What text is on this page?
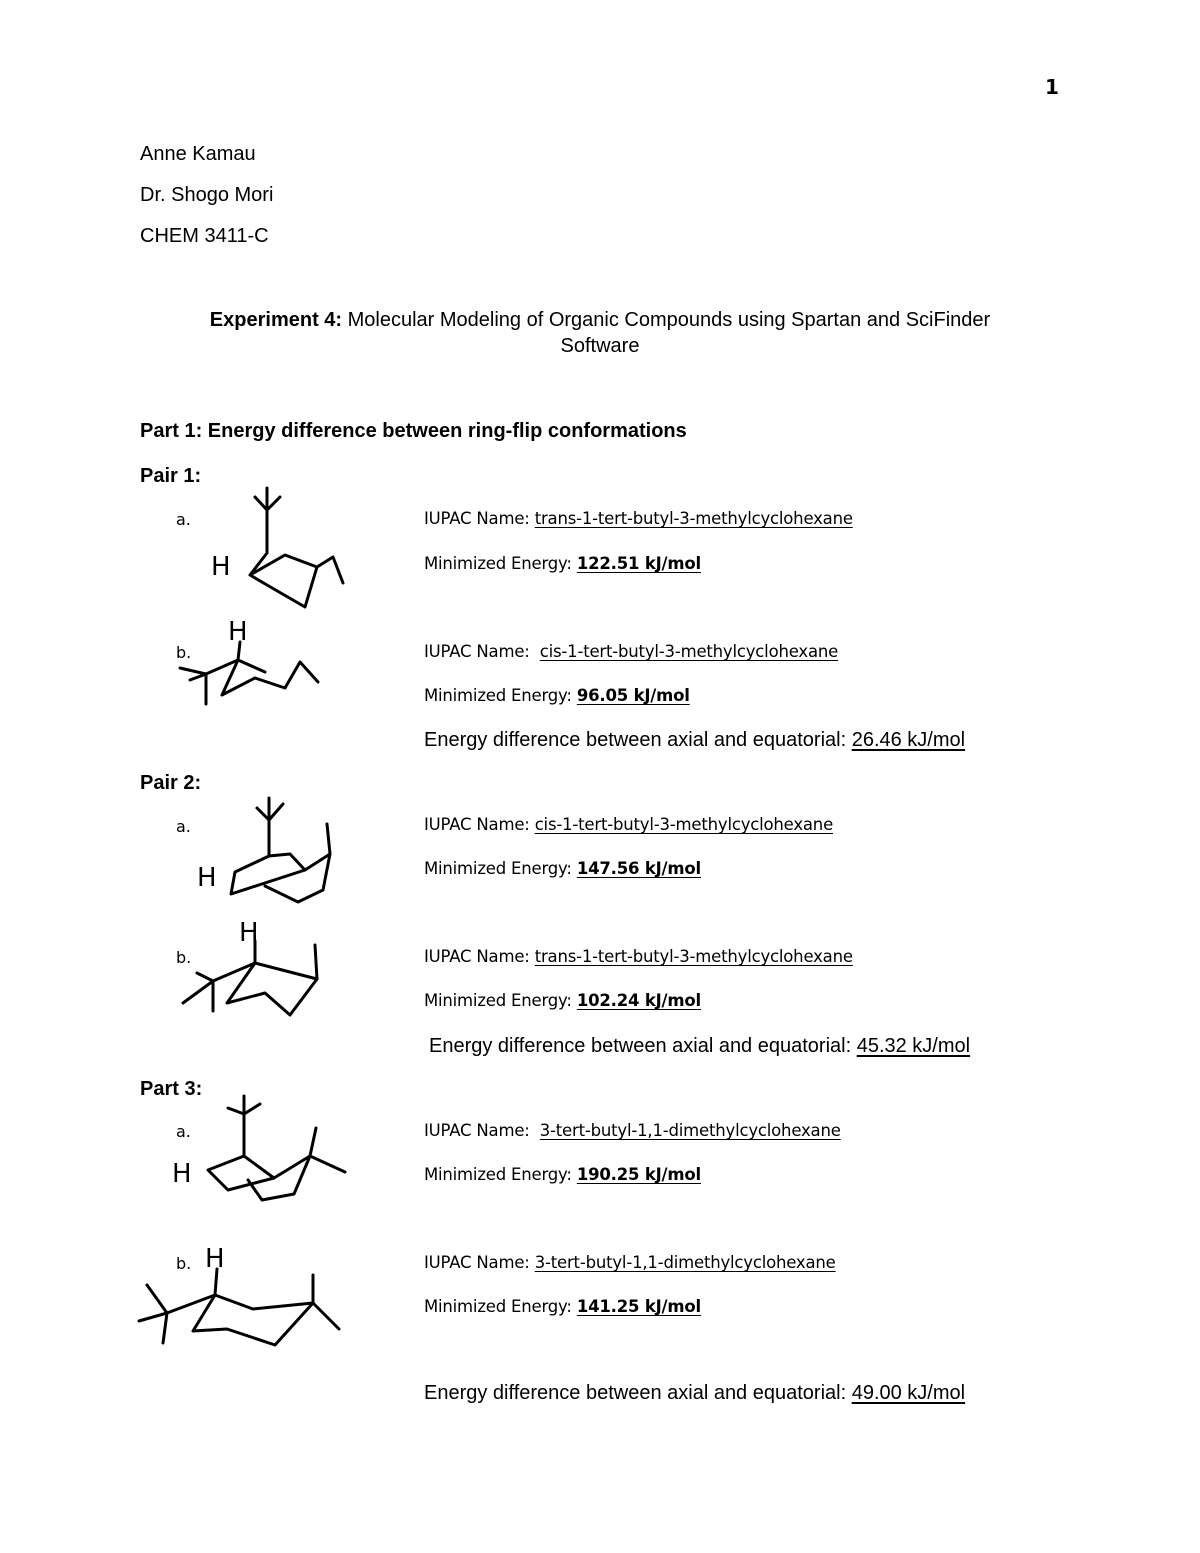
1
Anne Kamau
Dr. Shogo Mori
CHEM 3411-C
Experiment 4: Molecular Modeling of Organic Compounds using Spartan and SciFinder Software
Part 1: Energy difference between ring-flip conformations
Pair 1:
a.
H
IUPAC Name: trans-1-tert-butyl-3-methylcyclohexane
Minimized Energy: 122.51 kJ/mol
b.
H
IUPAC Name: cis-1-tert-butyl-3-methylcyclohexane
Minimized Energy: 96.05 kJ/mol
Energy difference between axial and equatorial: 26.46 kJ/mol
Pair 2:
a.
H
IUPAC Name: cis-1-tert-butyl-3-methylcyclohexane
Minimized Energy: 147.56 kJ/mol
b.
H
IUPAC Name: trans-1-tert-butyl-3-methylcyclohexane
Minimized Energy: 102.24 kJ/mol
Energy difference between axial and equatorial: 45.32 kJ/mol
Part 3:
a.
H
IUPAC Name: 3-tert-butyl-1,1-dimethylcyclohexane
Minimized Energy: 190.25 kJ/mol
b. H	IUPAC Name: 3-tert-butyl-1,1-dimethylcyclohexane
Minimized Energy: 141.25 kJ/mol
Energy difference between axial and equatorial: 49.00 kJ/mol
